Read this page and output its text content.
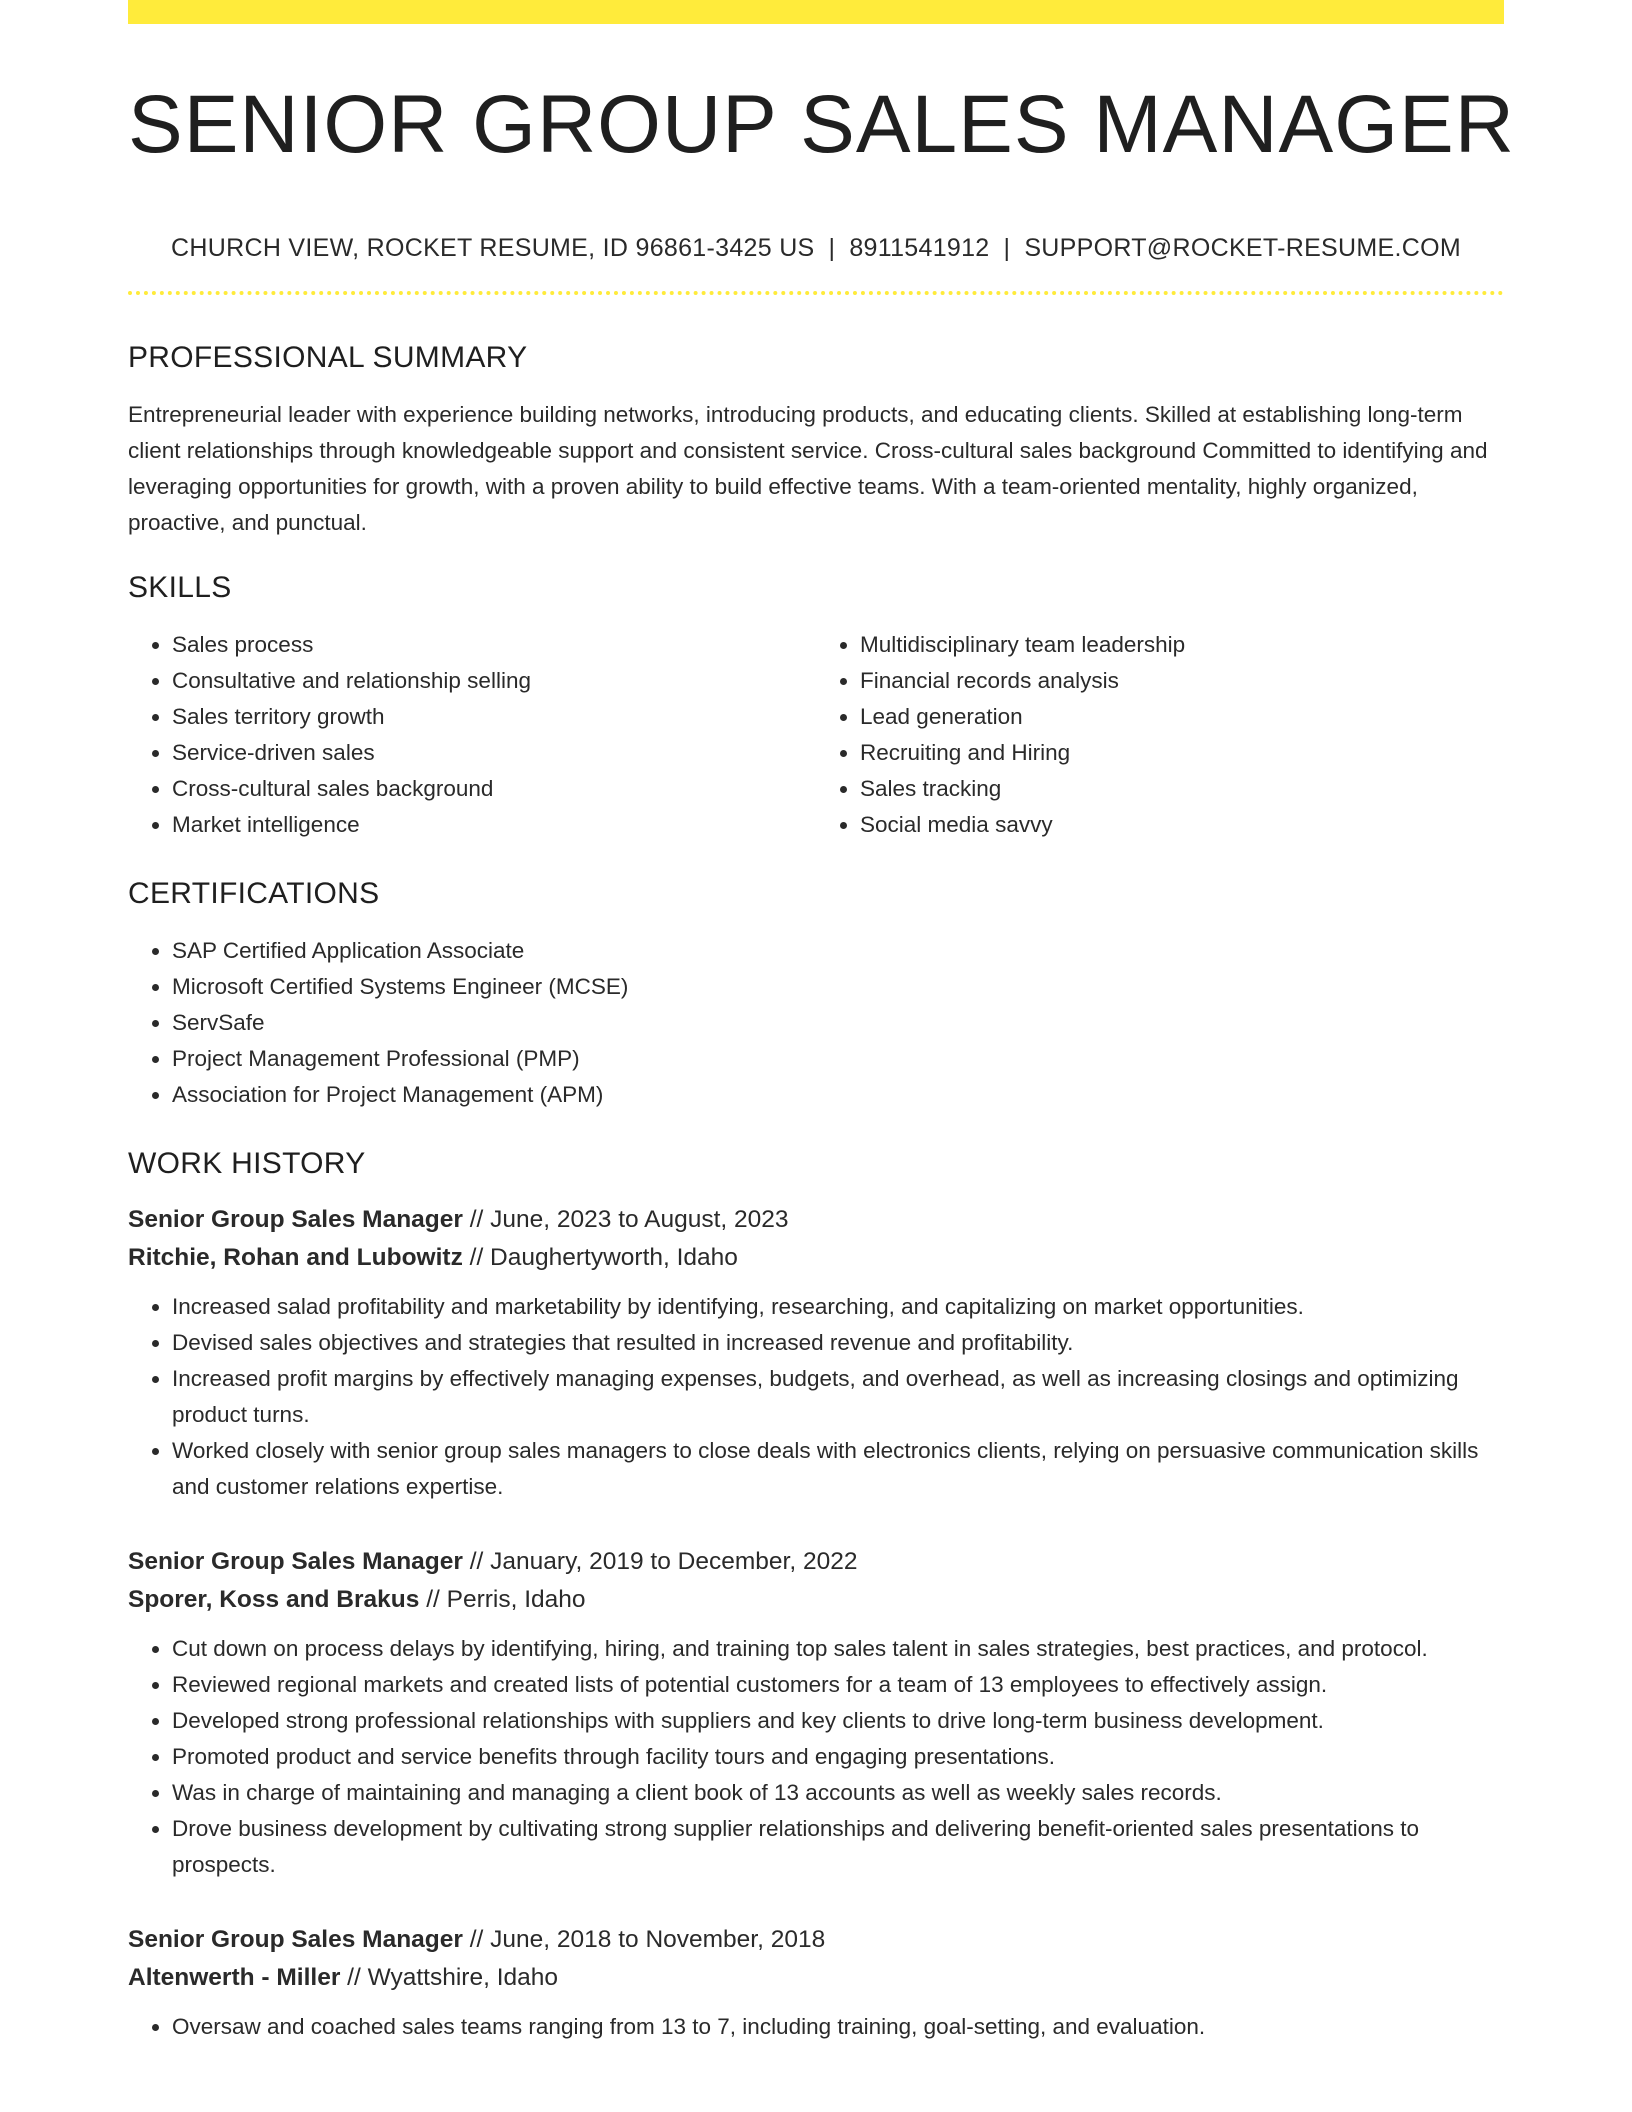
SENIOR GROUP SALES MANAGER
CHURCH VIEW, ROCKET RESUME, ID 96861-3425 US | 8911541912 | SUPPORT@ROCKET-RESUME.COM
PROFESSIONAL SUMMARY
Entrepreneurial leader with experience building networks, introducing products, and educating clients. Skilled at establishing long-term client relationships through knowledgeable support and consistent service. Cross-cultural sales background Committed to identifying and leveraging opportunities for growth, with a proven ability to build effective teams. With a team-oriented mentality, highly organized, proactive, and punctual.
SKILLS
• Sales process
• Consultative and relationship selling
• Sales territory growth
• Service-driven sales
• Cross-cultural sales background
• Market intelligence
• Multidisciplinary team leadership
• Financial records analysis
• Lead generation
• Recruiting and Hiring
• Sales tracking
• Social media savvy
CERTIFICATIONS
• SAP Certified Application Associate
• Microsoft Certified Systems Engineer (MCSE)
• ServSafe
• Project Management Professional (PMP)
• Association for Project Management (APM)
WORK HISTORY
Senior Group Sales Manager // June, 2023 to August, 2023
Ritchie, Rohan and Lubowitz // Daughertyworth, Idaho
• Increased salad profitability and marketability by identifying, researching, and capitalizing on market opportunities.
• Devised sales objectives and strategies that resulted in increased revenue and profitability.
• Increased profit margins by effectively managing expenses, budgets, and overhead, as well as increasing closings and optimizing product turns.
• Worked closely with senior group sales managers to close deals with electronics clients, relying on persuasive communication skills and customer relations expertise.
Senior Group Sales Manager // January, 2019 to December, 2022
Sporer, Koss and Brakus // Perris, Idaho
• Cut down on process delays by identifying, hiring, and training top sales talent in sales strategies, best practices, and protocol.
• Reviewed regional markets and created lists of potential customers for a team of 13 employees to effectively assign.
• Developed strong professional relationships with suppliers and key clients to drive long-term business development.
• Promoted product and service benefits through facility tours and engaging presentations.
• Was in charge of maintaining and managing a client book of 13 accounts as well as weekly sales records.
• Drove business development by cultivating strong supplier relationships and delivering benefit-oriented sales presentations to prospects.
Senior Group Sales Manager // June, 2018 to November, 2018
Altenwerth - Miller // Wyattshire, Idaho
• Oversaw and coached sales teams ranging from 13 to 7, including training, goal-setting, and evaluation.
